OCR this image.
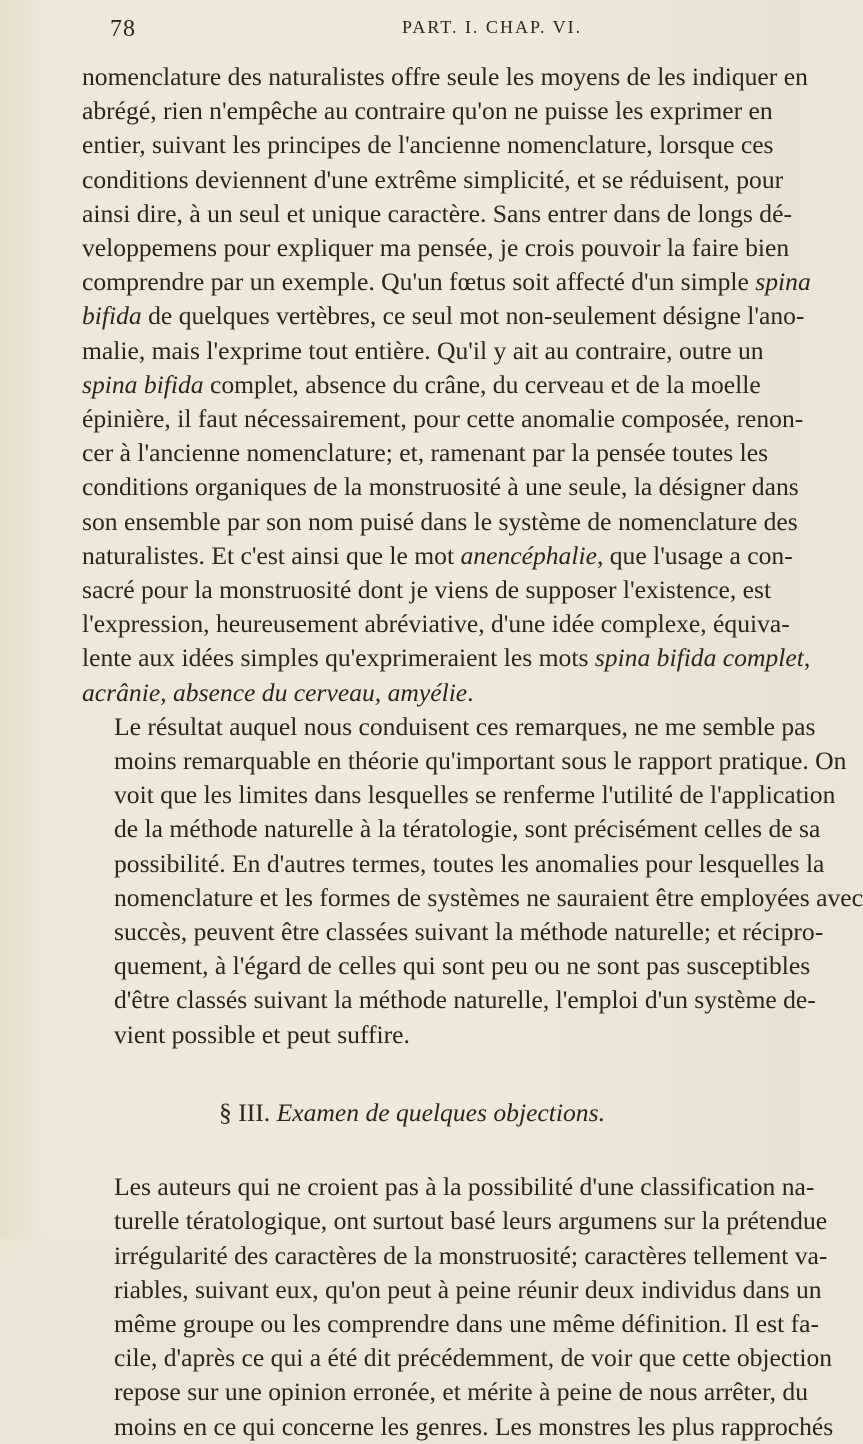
78	PART. I. CHAP. VI.

nomenclature des naturalistes offre seule les moyens de les indiquer en
abrégé, rien n'empêche au contraire qu'on ne puisse les exprimer en
entier, suivant les principes de l'ancienne nomenclature, lorsque ces
conditions deviennent d'une extrême simplicité, et se réduisent, pour
ainsi dire, à un seul et unique caractère. Sans entrer dans de longs dé-
veloppemens pour expliquer ma pensée, je crois pouvoir la faire bien
comprendre par un exemple. Qu'un fœtus soit affecté d'un simple spina
bifida de quelques vertèbres, ce seul mot non-seulement désigne l'ano-
malie, mais l'exprime tout entière. Qu'il y ait au contraire, outre un
spina bifida complet, absence du crâne, du cerveau et de la moelle
épinière, il faut nécessairement, pour cette anomalie composée, renon-
cer à l'ancienne nomenclature; et, ramenant par la pensée toutes les
conditions organiques de la monstruosité à une seule, la désigner dans
son ensemble par son nom puisé dans le système de nomenclature des
naturalistes. Et c'est ainsi que le mot anencéphalie, que l'usage a con-
sacré pour la monstruosité dont je viens de supposer l'existence, est
l'expression, heureusement abréviative, d'une idée complexe, équiva-
lente aux idées simples qu'exprimeraient les mots spina bifida complet,
acrânie, absence du cerveau, amyélie.

Le résultat auquel nous conduisent ces remarques, ne me semble pas
moins remarquable en théorie qu'important sous le rapport pratique. On
voit que les limites dans lesquelles se renferme l'utilité de l'application
de la méthode naturelle à la tératologie, sont précisément celles de sa
possibilité. En d'autres termes, toutes les anomalies pour lesquelles la
nomenclature et les formes de systèmes ne sauraient être employées avec
succès, peuvent être classées suivant la méthode naturelle; et récipro-
quement, à l'égard de celles qui sont peu ou ne sont pas susceptibles
d'être classés suivant la méthode naturelle, l'emploi d'un système de-
vient possible et peut suffire.

§ III. Examen de quelques objections.

Les auteurs qui ne croient pas à la possibilité d'une classification na-
turelle tératologique, ont surtout basé leurs argumens sur la prétendue
irrégularité des caractères de la monstruosité; caractères tellement va-
riables, suivant eux, qu'on peut à peine réunir deux individus dans un
même groupe ou les comprendre dans une même définition. Il est fa-
cile, d'après ce qui a été dit précédemment, de voir que cette objection
repose sur une opinion erronée, et mérite à peine de nous arrêter, du
moins en ce qui concerne les genres. Les monstres les plus rapprochés
